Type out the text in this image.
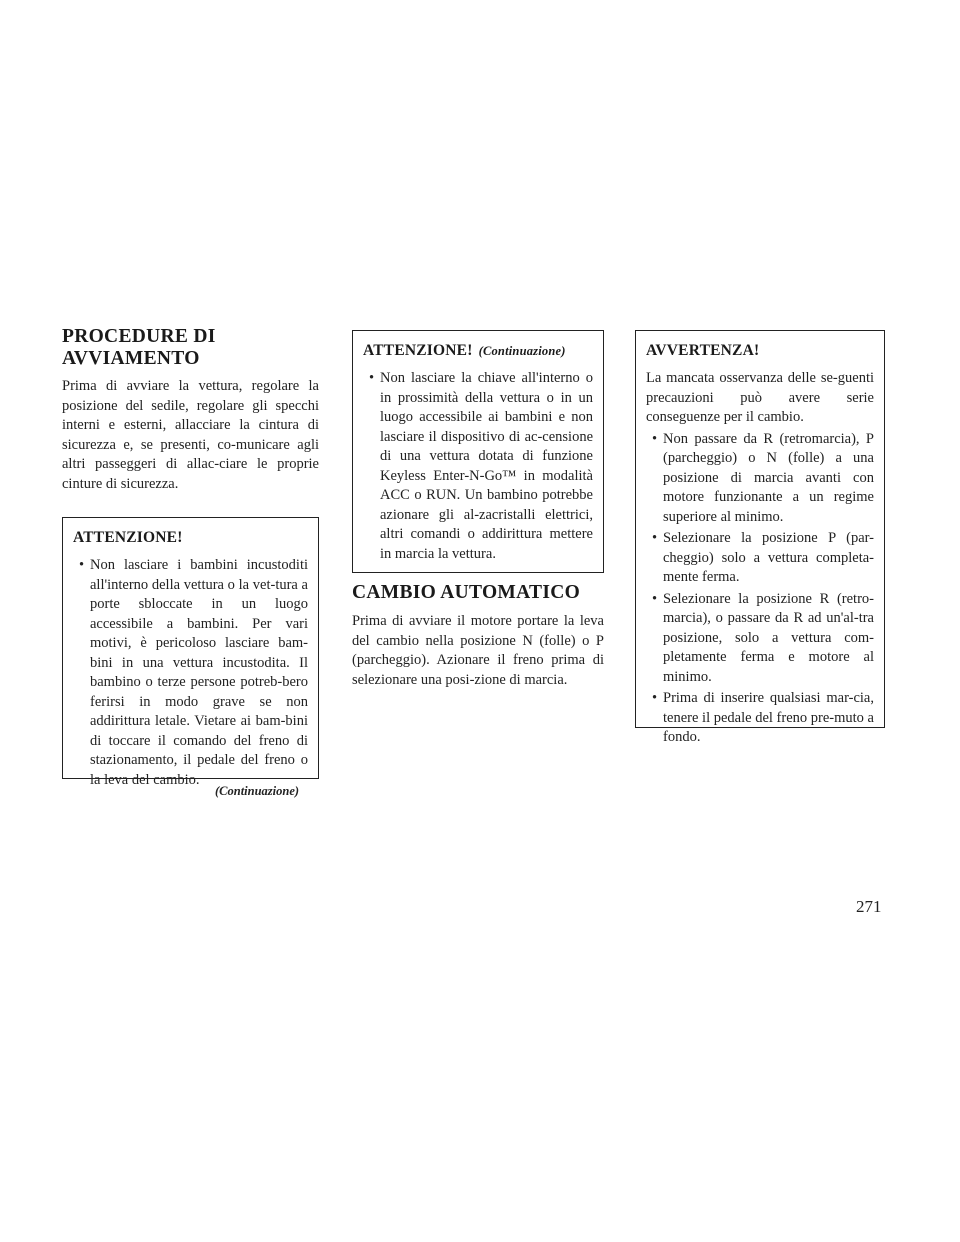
PROCEDURE DI
AVVIAMENTO

Prima di avviare la vettura, regolare la posizione del sedile, regolare gli specchi interni e esterni, allacciare la cintura di sicurezza e, se presenti, co-municare agli altri passeggeri di allac-ciare le proprie cinture di sicurezza.

ATTENZIONE!
• Non lasciare i bambini incustoditi all'interno della vettura o la vet-tura a porte sbloccate in un luogo accessibile a bambini. Per vari motivi, è pericoloso lasciare bam-bini in una vettura incustodita. Il bambino o terze persone potreb-bero ferirsi in modo grave se non addirittura letale. Vietare ai bam-bini di toccare il comando del freno di stazionamento, il pedale del freno o la leva del cambio.
(Continuazione)
ATTENZIONE! (Continuazione)
• Non lasciare la chiave all'interno o in prossimità della vettura o in un luogo accessibile ai bambini e non lasciare il dispositivo di ac-censione di una vettura dotata di funzione Keyless Enter-N-Go™ in modalità ACC o RUN. Un bambino potrebbe azionare gli al-zacristalli elettrici, altri comandi o addirittura mettere in marcia la vettura.
CAMBIO AUTOMATICO

Prima di avviare il motore portare la leva del cambio nella posizione N (folle) o P (parcheggio). Azionare il freno prima di selezionare una posi-zione di marcia.

AVVERTENZA!

La mancata osservanza delle se-guenti precauzioni può avere serie conseguenze per il cambio.

• Non passare da R (retromarcia), P (parcheggio) o N (folle) a una posizione di marcia avanti con motore funzionante a un regime superiore al minimo.
• Selezionare la posizione P (par-cheggio) solo a vettura completa-mente ferma.
• Selezionare la posizione R (retro-marcia), o passare da R ad un'al-tra posizione, solo a vettura com-pletamente ferma e motore al minimo.
• Prima di inserire qualsiasi mar-cia, tenere il pedale del freno pre-muto a fondo.
271
